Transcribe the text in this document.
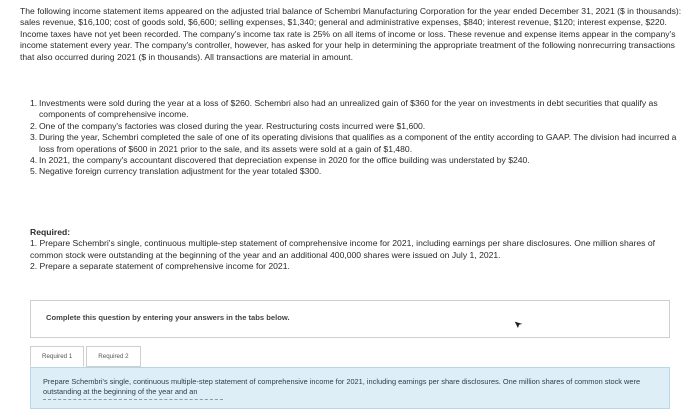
The following income statement items appeared on the adjusted trial balance of Schembri Manufacturing Corporation for the year ended December 31, 2021 ($ in thousands): sales revenue, $16,100; cost of goods sold, $6,600; selling expenses, $1,340; general and administrative expenses, $840; interest revenue, $120; interest expense, $220. Income taxes have not yet been recorded. The company's income tax rate is 25% on all items of income or loss. These revenue and expense items appear in the company's income statement every year. The company's controller, however, has asked for your help in determining the appropriate treatment of the following nonrecurring transactions that also occurred during 2021 ($ in thousands). All transactions are material in amount.
1. Investments were sold during the year at a loss of $260. Schembri also had an unrealized gain of $360 for the year on investments in debt securities that qualify as components of comprehensive income.
2. One of the company's factories was closed during the year. Restructuring costs incurred were $1,600.
3. During the year, Schembri completed the sale of one of its operating divisions that qualifies as a component of the entity according to GAAP. The division had incurred a loss from operations of $600 in 2021 prior to the sale, and its assets were sold at a gain of $1,480.
4. In 2021, the company's accountant discovered that depreciation expense in 2020 for the office building was understated by $240.
5. Negative foreign currency translation adjustment for the year totaled $300.
Required:
1. Prepare Schembri's single, continuous multiple-step statement of comprehensive income for 2021, including earnings per share disclosures. One million shares of common stock were outstanding at the beginning of the year and an additional 400,000 shares were issued on July 1, 2021.
2. Prepare a separate statement of comprehensive income for 2021.
Complete this question by entering your answers in the tabs below.
Required 1	Required 2
Prepare Schembri's single, continuous multiple-step statement of comprehensive income for 2021, including earnings per share disclosures. One million shares of common stock were outstanding at the beginning of the year and an
